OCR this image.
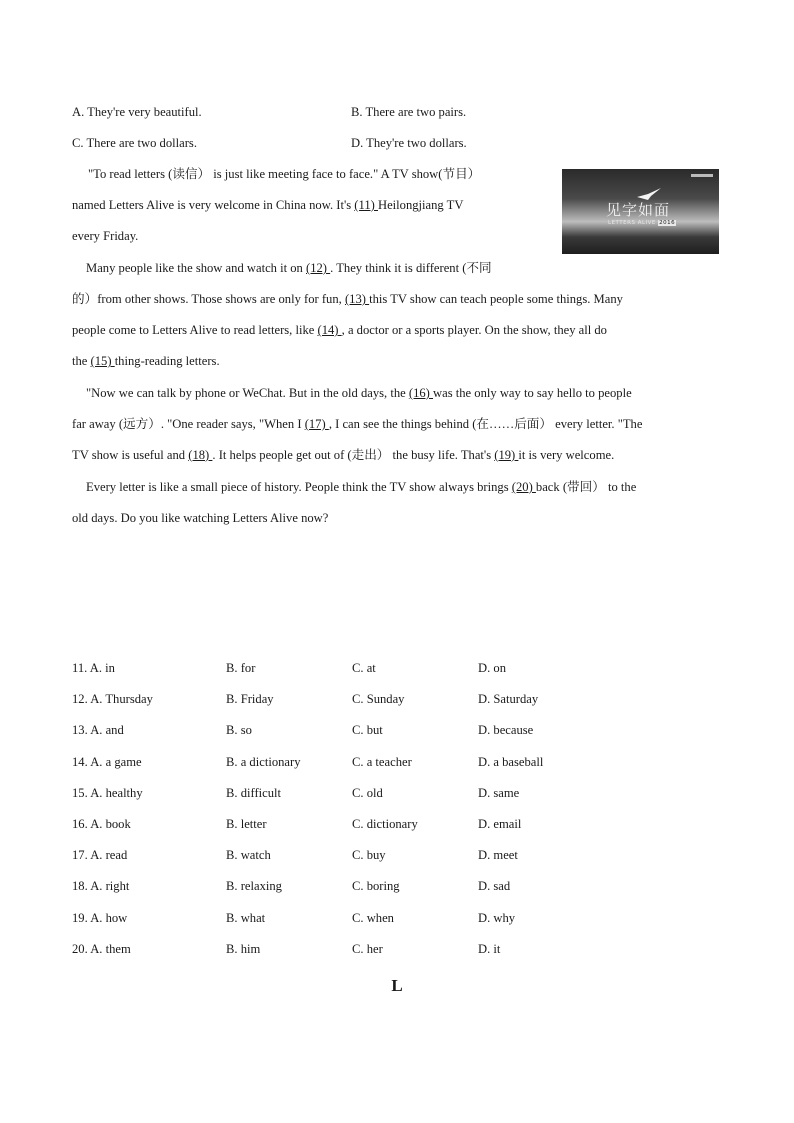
A. They're very beautiful.	B. There are two pairs.
C. There are two dollars.	D. They're two dollars.
见字如面
LETTERS ALIVE 2016
"To read letters (读信） is just like meeting face to face." A TV show(节目）
named Letters Alive is very welcome in China now. It's (11) Heilongjiang TV
every Friday.
Many people like the show and watch it on (12) . They think it is different (不同
的）from other shows. Those shows are only for fun, (13) this TV show can teach people some things. Many
people come to Letters Alive to read letters, like (14) , a doctor or a sports player. On the show, they all do
the (15) thing-reading letters.
"Now we can talk by phone or WeChat. But in the old days, the (16) was the only way to say hello to people
far away (远方）. "One reader says, "When I (17) , I can see the things behind (在……后面） every letter. "The
TV show is useful and (18) . It helps people get out of (走出） the busy life. That's (19) it is very welcome.
Every letter is like a small piece of history. People think the TV show always brings (20) back (带回） to the
old days. Do you like watching Letters Alive now?
11. A. in	B. for	C. at	D. on
12. A. Thursday	B. Friday	C. Sunday	D. Saturday
13. A. and	B. so	C. but	D. because
14. A. a game	B. a dictionary	C. a teacher	D. a baseball
15. A. healthy	B. difficult	C. old	D. same
16. A. book	B. letter	C. dictionary	D. email
17. A. read	B. watch	C. buy	D. meet
18. A. right	B. relaxing	C. boring	D. sad
19. A. how	B. what	C. when	D. why
20. A. them	B. him	C. her	D. it
L
